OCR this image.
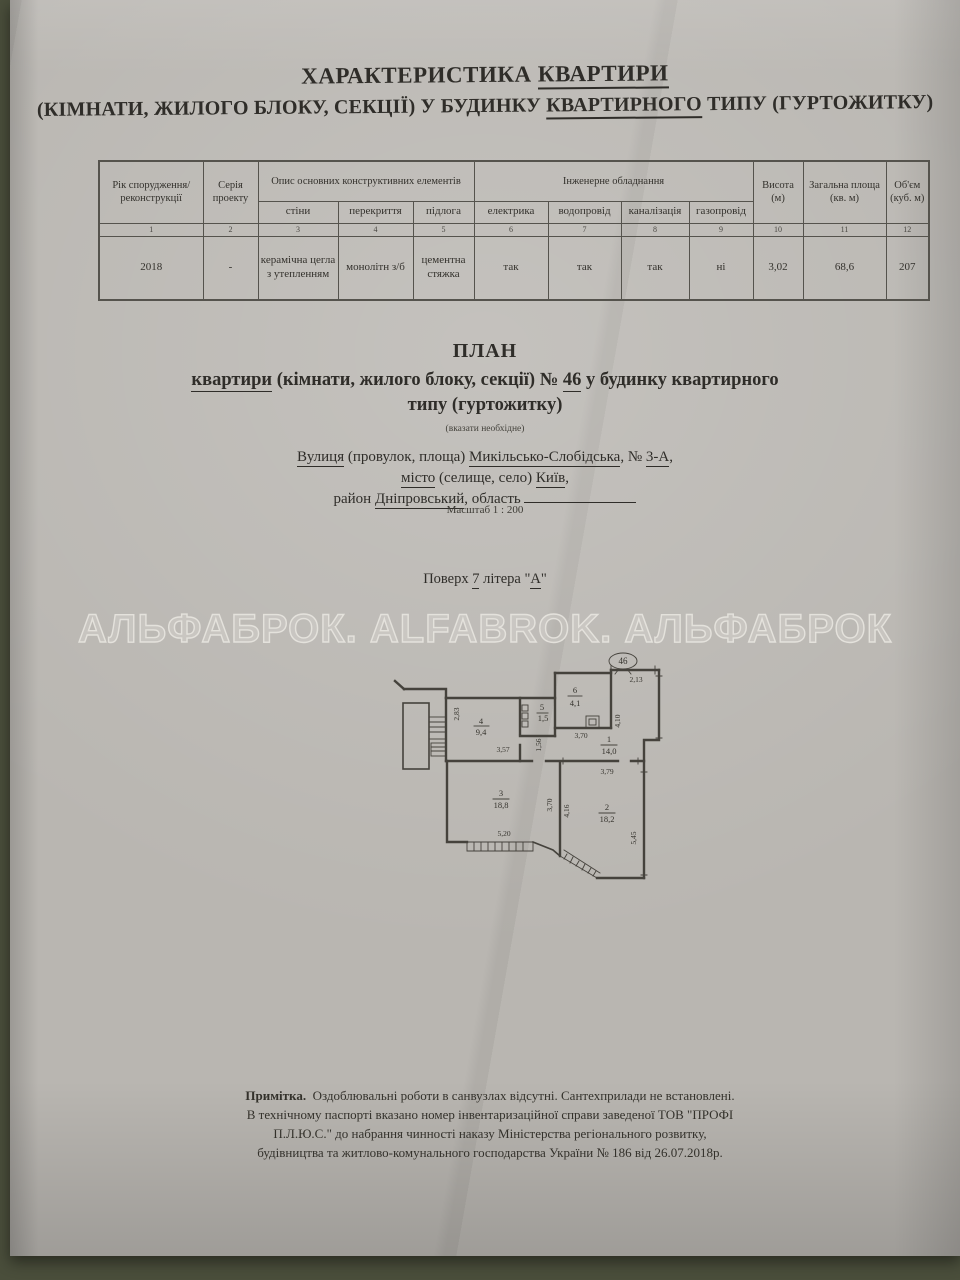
ХАРАКТЕРИСТИКА КВАРТИРИ
(КІМНАТИ, ЖИЛОГО БЛОКУ, СЕКЦІЇ) У БУДИНКУ КВАРТИРНОГО ТИПУ (ГУРТОЖИТКУ)
Рік спорудження/ реконструкції	Серія проекту	Опис основних конструктивних елементів			Інженерне обладнання				Висота (м)	Загальна площа (кв. м)	Об'єм (куб. м)
		стіни	перекриття	підлога	електрика	водопровід	каналізація	газопровід			
1	2	3	4	5	6	7	8	9	10	11	12
2018	-	керамічна цегла з утепленням	монолітн з/б	цементна стяжка	так	так	так	ні	3,02	68,6	207
ПЛАН
квартири (кімнати, жилого блоку, секції) № 46 у будинку квартирного
типу (гуртожитку)
(вказати необхідне)
Вулиця (провулок, площа) Микільсько-Слобідська, № 3-А,
місто (селище, село) Київ,
район Дніпровський, область
Масштаб 1 : 200
Поверх 7 літера "А"
АЛЬФАБРОК. ALFABROK. АЛЬФАБРОК
46
1
14,0
2
18,2
3
18,8
4
9,4
5
1,5
6
4,1
2,83
3,57	1,56
3,70
2,13
4,10
3,79
3,70 4,16
5,20	5,45
Примітка. Оздоблювальні роботи в санвузлах відсутні. Сантехприлади не встановлені.
В технічному паспорті вказано номер інвентаризаційної справи заведеної ТОВ "ПРОФІ
П.Л.Ю.С." до набрання чинності наказу Міністерства регіонального розвитку,
будівництва та житлово-комунального господарства України № 186 від 26.07.2018р.
